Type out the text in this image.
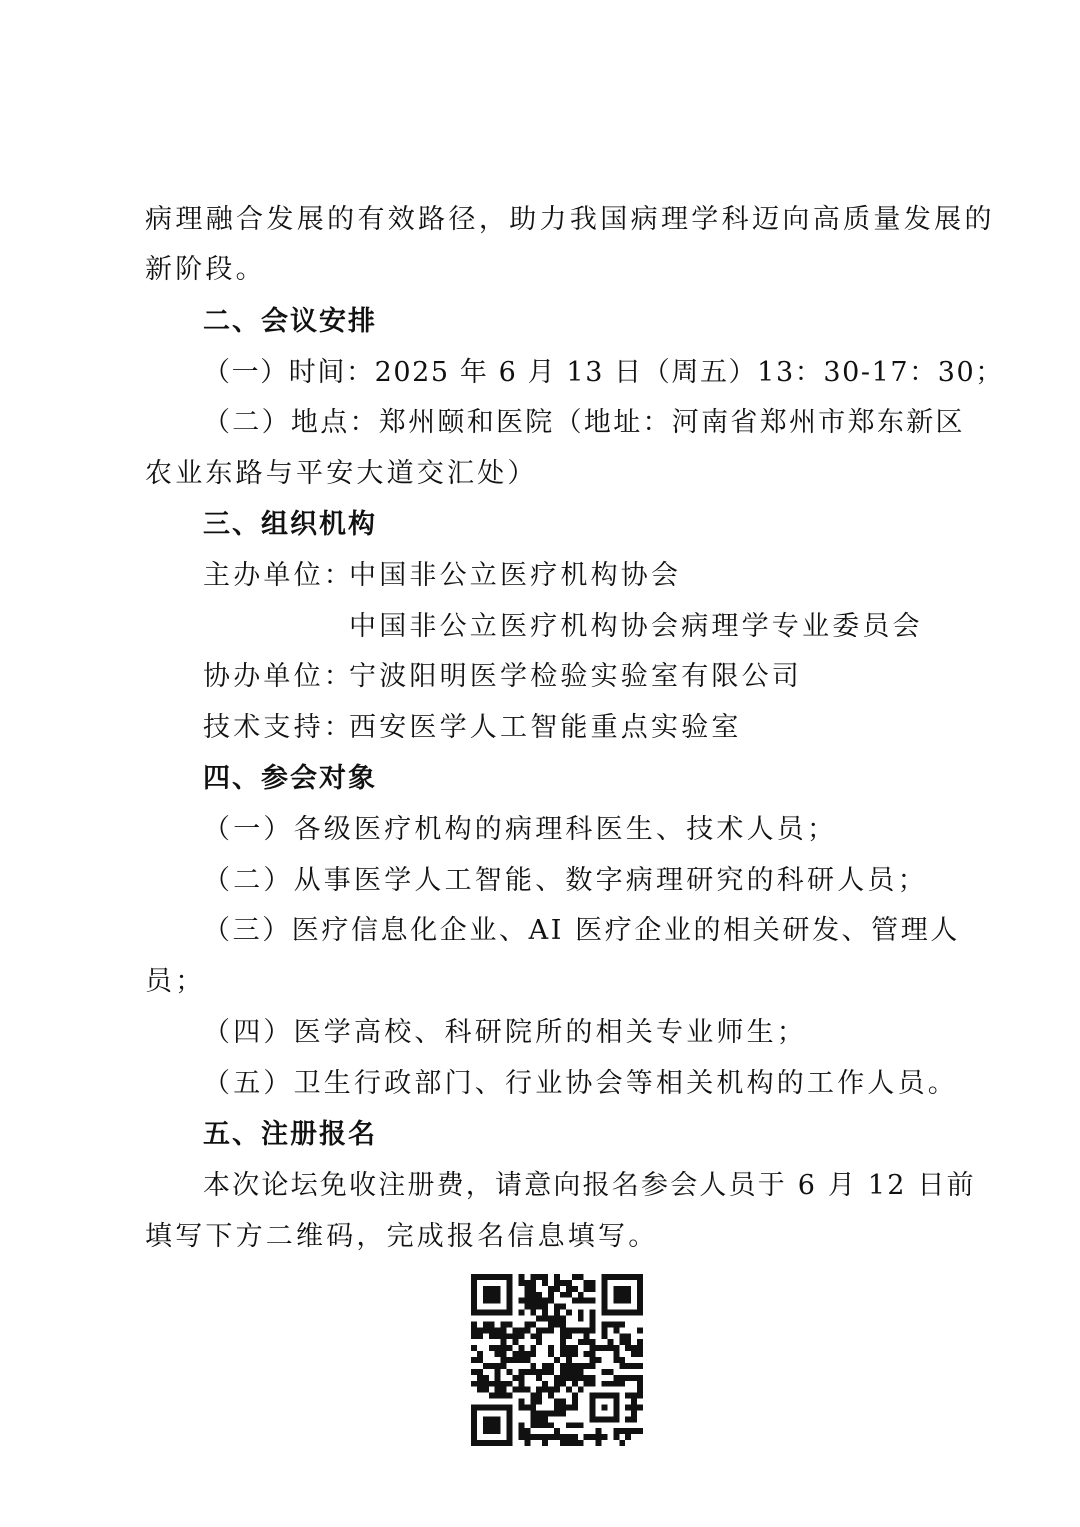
病理融合发展的有效路径，助力我国病理学科迈向高质量发展的
新阶段。
二、会议安排
（一）时间：2025 年 6 月 13 日（周五）13：30-17：30；
（二）地点：郑州颐和医院（地址：河南省郑州市郑东新区
农业东路与平安大道交汇处）
三、组织机构
主办单位：
中国非公立医疗机构协会
中国非公立医疗机构协会病理学专业委员会
协办单位：
宁波阳明医学检验实验室有限公司
技术支持：
西安医学人工智能重点实验室
四、参会对象
（一）各级医疗机构的病理科医生、技术人员；
（二）从事医学人工智能、数字病理研究的科研人员；
（三）医疗信息化企业、AI 医疗企业的相关研发、管理人
员；
（四）医学高校、科研院所的相关专业师生；
（五）卫生行政部门、行业协会等相关机构的工作人员。
五、注册报名
本次论坛免收注册费，请意向报名参会人员于 6 月 12 日前
填写下方二维码，完成报名信息填写。
